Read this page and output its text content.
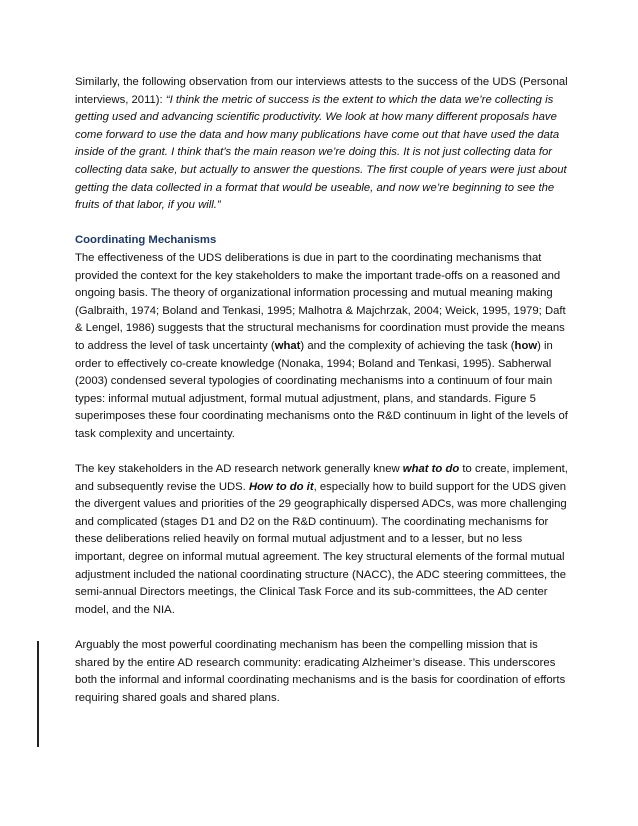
Similarly, the following observation from our interviews attests to the success of the UDS (Personal interviews, 2011): “I think the metric of success is the extent to which the data we’re collecting is getting used and advancing scientific productivity. We look at how many different proposals have come forward to use the data and how many publications have come out that have used the data inside of the grant. I think that’s the main reason we’re doing this. It is not just collecting data for collecting data sake, but actually to answer the questions. The first couple of years were just about getting the data collected in a format that would be useable, and now we’re beginning to see the fruits of that labor, if you will.”

Coordinating Mechanisms

The effectiveness of the UDS deliberations is due in part to the coordinating mechanisms that provided the context for the key stakeholders to make the important trade-offs on a reasoned and ongoing basis. The theory of organizational information processing and mutual meaning making (Galbraith, 1974; Boland and Tenkasi, 1995; Malhotra & Majchrzak, 2004; Weick, 1995, 1979; Daft & Lengel, 1986) suggests that the structural mechanisms for coordination must provide the means to address the level of task uncertainty (what) and the complexity of achieving the task (how) in order to effectively co-create knowledge (Nonaka, 1994; Boland and Tenkasi, 1995). Sabherwal (2003) condensed several typologies of coordinating mechanisms into a continuum of four main types: informal mutual adjustment, formal mutual adjustment, plans, and standards. Figure 5 superimposes these four coordinating mechanisms onto the R&D continuum in light of the levels of task complexity and uncertainty.

The key stakeholders in the AD research network generally knew what to do to create, implement, and subsequently revise the UDS. How to do it, especially how to build support for the UDS given the divergent values and priorities of the 29 geographically dispersed ADCs, was more challenging and complicated (stages D1 and D2 on the R&D continuum). The coordinating mechanisms for these deliberations relied heavily on formal mutual adjustment and to a lesser, but no less important, degree on informal mutual agreement. The key structural elements of the formal mutual adjustment included the national coordinating structure (NACC), the ADC steering committees, the semi-annual Directors meetings, the Clinical Task Force and its sub-committees, the AD center model, and the NIA.

Arguably the most powerful coordinating mechanism has been the compelling mission that is shared by the entire AD research community: eradicating Alzheimer’s disease. This underscores both the informal and informal coordinating mechanisms and is the basis for coordination of efforts requiring shared goals and shared plans.
